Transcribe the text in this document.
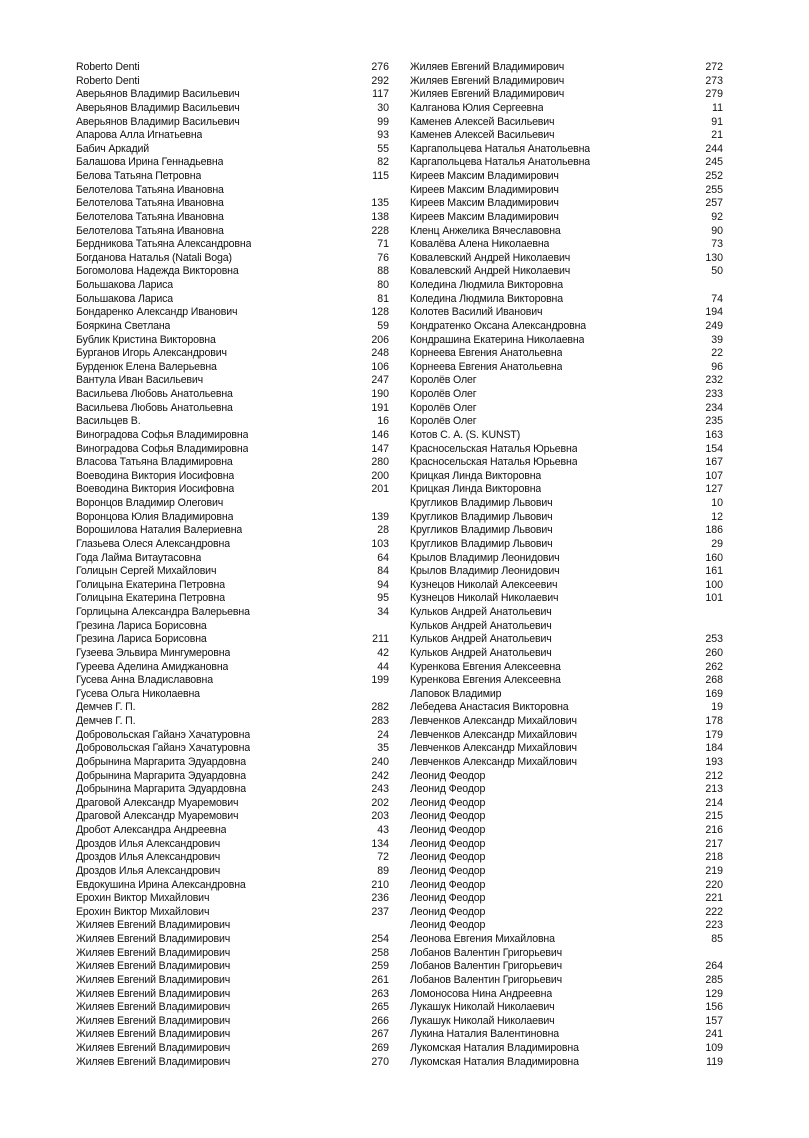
Roberto Denti	276
Roberto Denti	292
Аверьянов Владимир Васильевич	117
Аверьянов Владимир Васильевич	30
Аверьянов Владимир Васильевич	99
Апарова Алла Игнатьевна	93
Бабич Аркадий	55
Балашова Ирина Геннадьевна	82
Белова Татьяна Петровна	115
Белотелова Татьяна Ивановна
Белотелова Татьяна Ивановна	135
Белотелова Татьяна Ивановна	138
Белотелова Татьяна Ивановна	228
Бердникова Татьяна Александровна	71
Богданова Наталья (Natali Boga)	76
Богомолова Надежда Викторовна	88
Большакова Лариса	80
Большакова Лариса	81
Бондаренко Александр Иванович	128
Бояркина Светлана	59
Бублик Кристина Викторовна	206
Бурганов Игорь Александрович	248
Бурденюк Елена Валерьевна	106
Вантула Иван Васильевич	247
Васильева Любовь Анатольевна	190
Васильева Любовь Анатольевна	191
Васильцев В.	16
Виноградова Софья Владимировна	146
Виноградова Софья Владимировна	147
Власова Татьяна Владимировна	280
Воеводина Виктория Иосифовна	200
Воеводина Виктория Иосифовна	201
Воронцов Владимир Олегович
Воронцова Юлия Владимировна	139
Ворошилова Наталия Валериевна	28
Глазьева Олеся Александровна	103
Года Лайма Витаутасовна	64
Голицын Сергей Михайлович	84
Голицына Екатерина Петровна	94
Голицына Екатерина Петровна	95
Горлицына Александра Валерьевна	34
Грезина Лариса Борисовна
Грезина Лариса Борисовна	211
Гузеева Эльвира Мингумеровна	42
Гуреева Аделина Амиджановна	44
Гусева Анна Владиславовна	199
Гусева Ольга Николаевна
Демчев Г. П.	282
Демчев Г. П.	283
Добровольская Гайанэ Хачатуровна	24
Добровольская Гайанэ Хачатуровна	35
Добрынина Маргарита Эдуардовна	240
Добрынина Маргарита Эдуардовна	242
Добрынина Маргарита Эдуардовна	243
Драговой Александр Муаремович	202
Драговой Александр Муаремович	203
Дробот Александра Андреевна	43
Дроздов Илья Александрович	134
Дроздов Илья Александрович	72
Дроздов Илья Александрович	89
Евдокушина Ирина Александровна	210
Ерохин Виктор Михайлович	236
Ерохин Виктор Михайлович	237
Жиляев Евгений Владимирович
Жиляев Евгений Владимирович	254
Жиляев Евгений Владимирович	258
Жиляев Евгений Владимирович	259
Жиляев Евгений Владимирович	261
Жиляев Евгений Владимирович	263
Жиляев Евгений Владимирович	265
Жиляев Евгений Владимирович	266
Жиляев Евгений Владимирович	267
Жиляев Евгений Владимирович	269
Жиляев Евгений Владимирович	270
Жиляев Евгений Владимирович	272
Жиляев Евгений Владимирович	273
Жиляев Евгений Владимирович	279
Калганова Юлия Сергеевна	11
Каменев Алексей Васильевич	91
Каменев Алексей Васильевич	21
Каргапольцева Наталья Анатольевна	244
Каргапольцева Наталья Анатольевна	245
Киреев Максим Владимирович	252
Киреев Максим Владимирович	255
Киреев Максим Владимирович	257
Киреев Максим Владимирович	92
Кленц Анжелика Вячеславовна	90
Ковалёва Алена Николаевна	73
Ковалевский Андрей Николаевич	130
Ковалевский Андрей Николаевич	50
Коледина Людмила Викторовна
Коледина Людмила Викторовна	74
Колотев Василий Иванович	194
Кондратенко Оксана Александровна	249
Кондрашина Екатерина Николаевна	39
Корнеева Евгения Анатольевна	22
Корнеева Евгения Анатольевна	96
Королёв Олег	232
Королёв Олег	233
Королёв Олег	234
Королёв Олег	235
Котов С. А. (S. KUNST)	163
Красносельская Наталья Юрьевна	154
Красносельская Наталья Юрьевна	167
Крицкая Линда Викторовна	107
Крицкая Линда Викторовна	127
Кругликов Владимир Львович	10
Кругликов Владимир Львович	12
Кругликов Владимир Львович	186
Кругликов Владимир Львович	29
Крылов Владимир Леонидович	160
Крылов Владимир Леонидович	161
Кузнецов Николай Алексеевич	100
Кузнецов Николай Николаевич	101
Кульков Андрей Анатольевич
Кульков Андрей Анатольевич
Кульков Андрей Анатольевич	253
Кульков Андрей Анатольевич	260
Куренкова Евгения Алексеевна	262
Куренкова Евгения Алексеевна	268
Лаповок Владимир	169
Лебедева Анастасия Викторовна	19
Левченков Александр Михайлович	178
Левченков Александр Михайлович	179
Левченков Александр Михайлович	184
Левченков Александр Михайлович	193
Леонид Феодор	212
Леонид Феодор	213
Леонид Феодор	214
Леонид Феодор	215
Леонид Феодор	216
Леонид Феодор	217
Леонид Феодор	218
Леонид Феодор	219
Леонид Феодор	220
Леонид Феодор	221
Леонид Феодор	222
Леонид Феодор	223
Леонова Евгения Михайловна	85
Лобанов Валентин Григорьевич
Лобанов Валентин Григорьевич	264
Лобанов Валентин Григорьевич	285
Ломоносова Нина Андреевна	129
Лукашук Николай Николаевич	156
Лукашук Николай Николаевич	157
Лукина Наталия Валентиновна	241
Лукомская Наталия Владимировна	109
Лукомская Наталия Владимировна	119
